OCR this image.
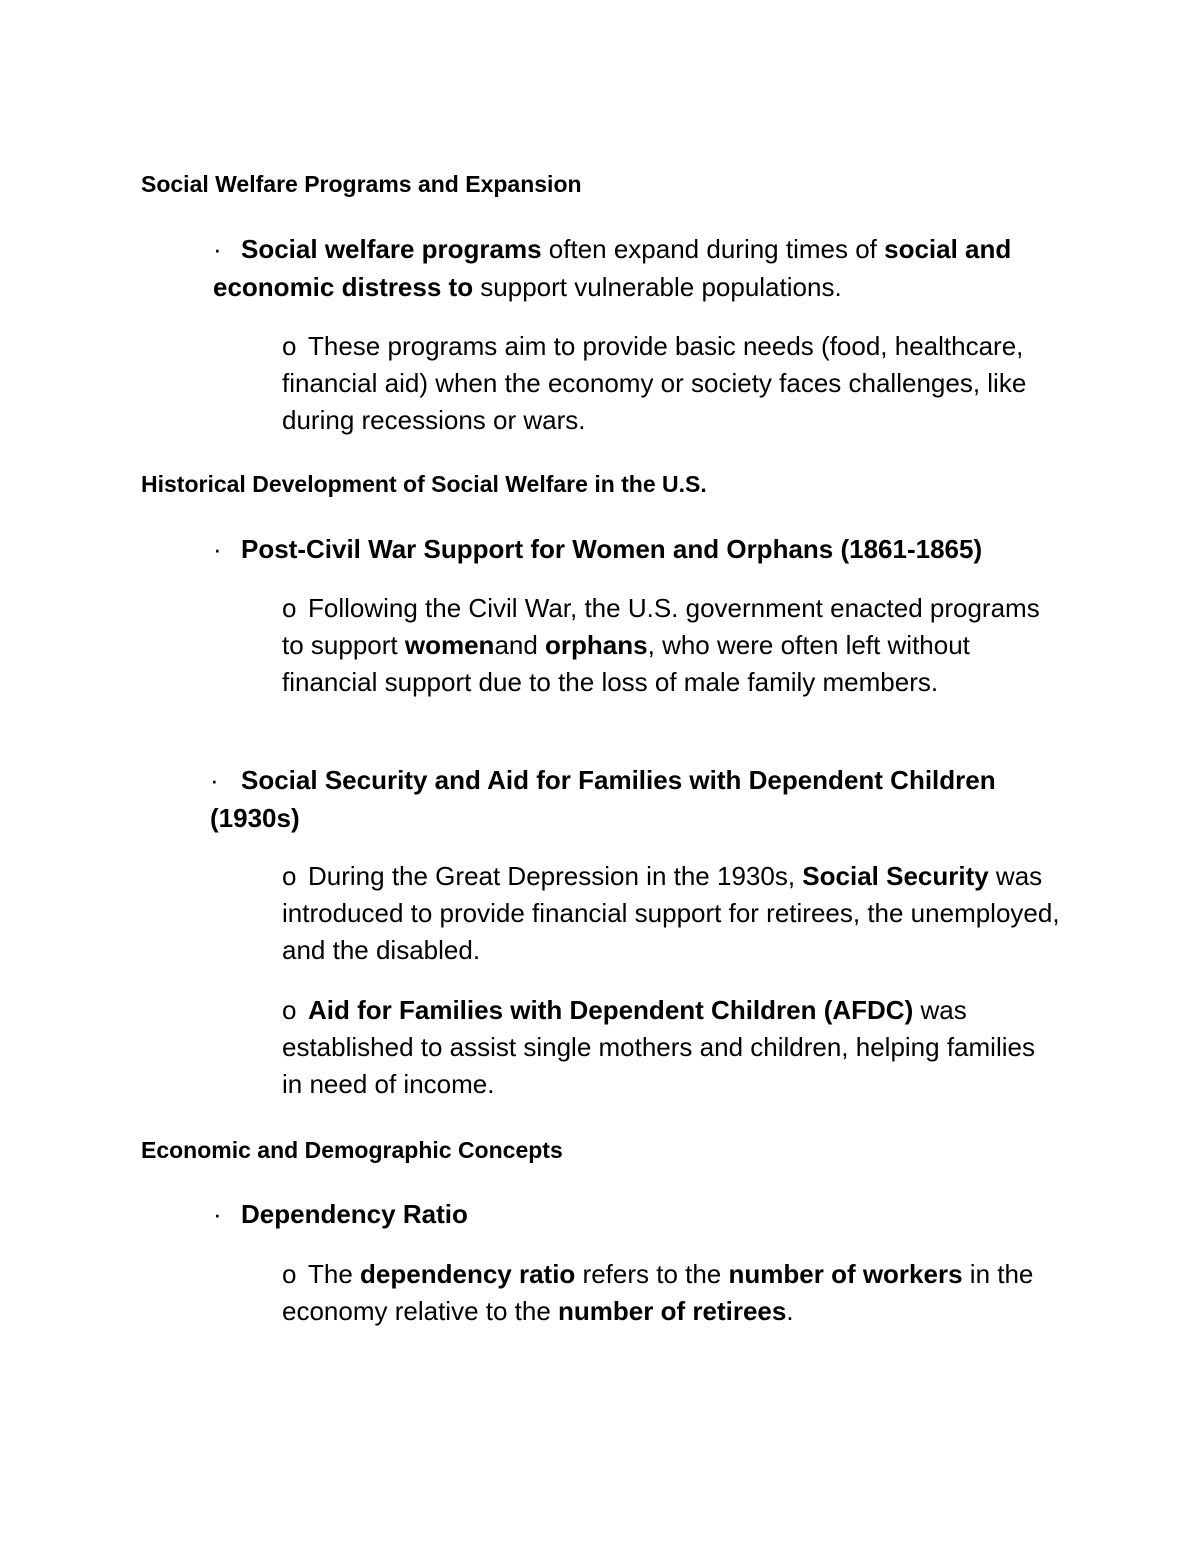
Social Welfare Programs and Expansion

· Social welfare programs often expand during times of social and economic distress to support vulnerable populations.

o These programs aim to provide basic needs (food, healthcare, financial aid) when the economy or society faces challenges, like during recessions or wars.

Historical Development of Social Welfare in the U.S.

· Post-Civil War Support for Women and Orphans (1861-1865)

o Following the Civil War, the U.S. government enacted programs to support womenand orphans, who were often left without financial support due to the loss of male family members.

· Social Security and Aid for Families with Dependent Children (1930s)

o During the Great Depression in the 1930s, Social Security was introduced to provide financial support for retirees, the unemployed, and the disabled.

o Aid for Families with Dependent Children (AFDC) was established to assist single mothers and children, helping families in need of income.

Economic and Demographic Concepts

· Dependency Ratio

o The dependency ratio refers to the number of workers in the economy relative to the number of retirees.
